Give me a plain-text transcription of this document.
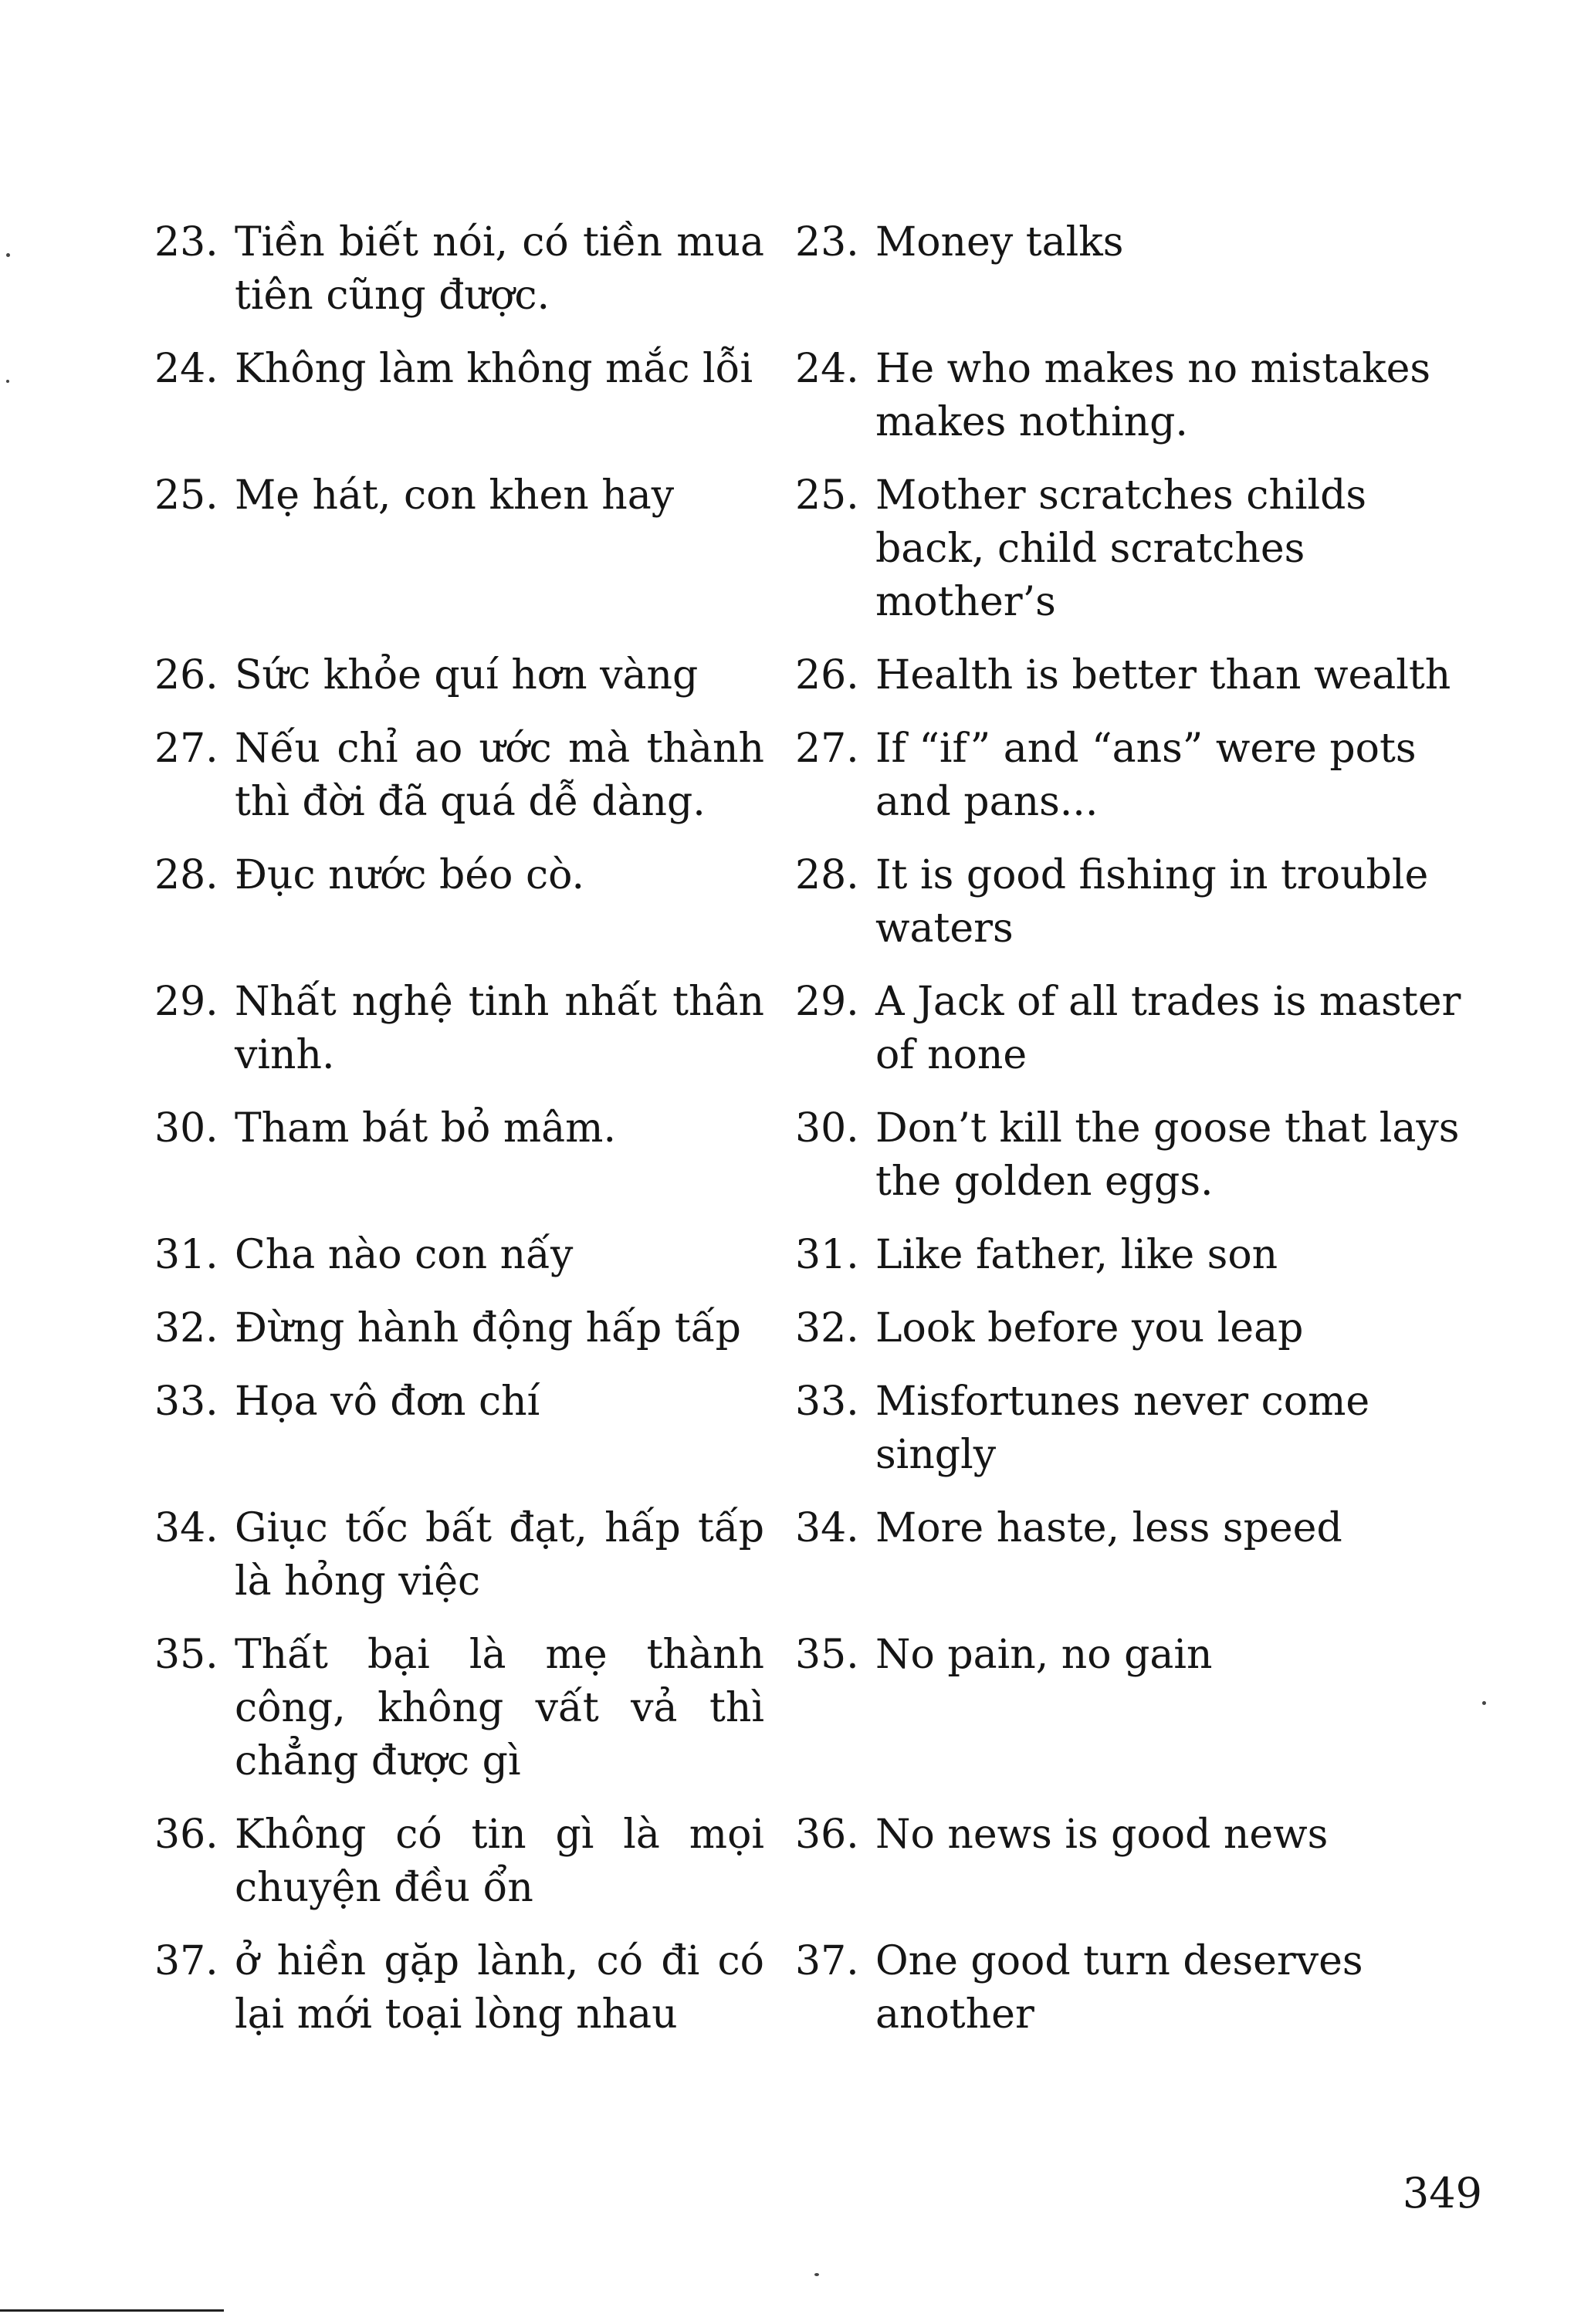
23. Tiền biết nói, có tiền mua tiên cũng được.
23. Money talks
24. Không làm không mắc lỗi 24. He who makes no mistakes makes nothing.
25. Mẹ hát, con khen hay	25. Mother scratches childs back, child scratches mother’s
26. Sức khỏe quí hơn vàng	26. Health is better than wealth
27. Nếu chỉ ao ước mà thành thì đời đã quá dễ dàng.
27. If “if” and “ans” were pots and pans...
28. Đục nước béo cò.	28. It is good fishing in trouble waters
29. Nhất nghệ tinh nhất thân vinh.
29. A Jack of all trades is master of none
30. Tham bát bỏ mâm.	30. Don’t kill the goose that lays the golden eggs.
31. Cha nào con nấy	31. Like father, like son
32. Đừng hành động hấp tấp	32. Look before you leap
33. Họa vô đơn chí	33. Misfortunes never come singly
34. Giục tốc bất đạt, hấp tấp là hỏng việc
34. More haste, less speed
35. Thất bại là mẹ thành công, không vất vả thì chẳng được gì
35. No pain, no gain
36. Không có tin gì là mọi chuyện đều ổn
36. No news is good news
37. ở hiền gặp lành, có đi có lại mới toại lòng nhau
37. One good turn deserves another
349
